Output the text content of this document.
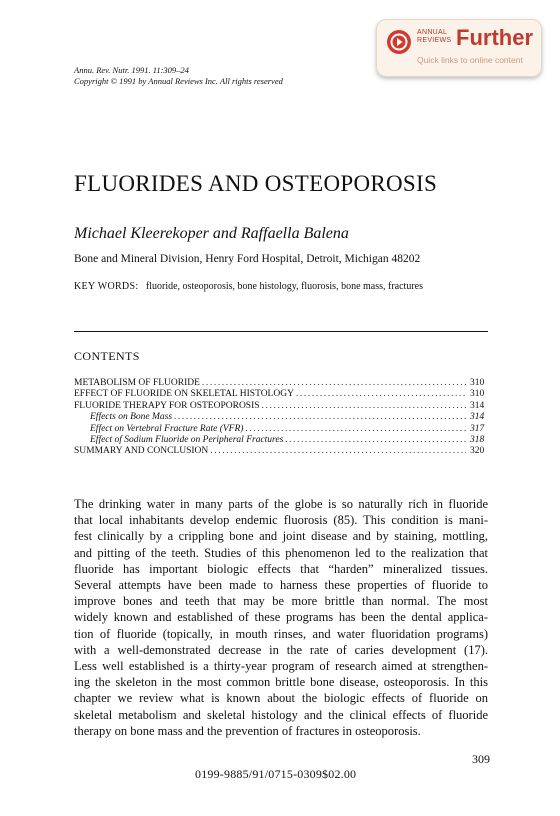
ANNUAL
REVIEWS Further
Quick links to online content
Annu. Rev. Nutr. 1991. 11:309–24
Copyright © 1991 by Annual Reviews Inc. All rights reserved
FLUORIDES AND OSTEOPOROSIS
Michael Kleerekoper and Raffaella Balena
Bone and Mineral Division, Henry Ford Hospital, Detroit, Michigan 48202
KEY WORDS: fluoride, osteoporosis, bone histology, fluorosis, bone mass, fractures
CONTENTS
METABOLISM OF FLUORIDE .....	310
EFFECT OF FLUORIDE ON SKELETAL HISTOLOGY .....	310
FLUORIDE THERAPY FOR OSTEOPOROSIS .....	314
Effects on Bone Mass .....	314
Effect on Vertebral Fracture Rate (VFR) .....	317
Effect of Sodium Fluoride on Peripheral Fractures .....	318
SUMMARY AND CONCLUSION .....	320
The drinking water in many parts of the globe is so naturally rich in fluoride
that local inhabitants develop endemic fluorosis (85). This condition is mani-
fest clinically by a crippling bone and joint disease and by staining, mottling,
and pitting of the teeth. Studies of this phenomenon led to the realization that
fluoride has important biologic effects that “harden” mineralized tissues.
Several attempts have been made to harness these properties of fluoride to
improve bones and teeth that may be more brittle than normal. The most
widely known and established of these programs has been the dental applica-
tion of fluoride (topically, in mouth rinses, and water fluoridation programs)
with a well-demonstrated decrease in the rate of caries development (17).
Less well established is a thirty-year program of research aimed at strengthen-
ing the skeleton in the most common brittle bone disease, osteoporosis. In this
chapter we review what is known about the biologic effects of fluoride on
skeletal metabolism and skeletal histology and the clinical effects of fluoride
therapy on bone mass and the prevention of fractures in osteoporosis.
309
0199-9885/91/0715-0309$02.00
